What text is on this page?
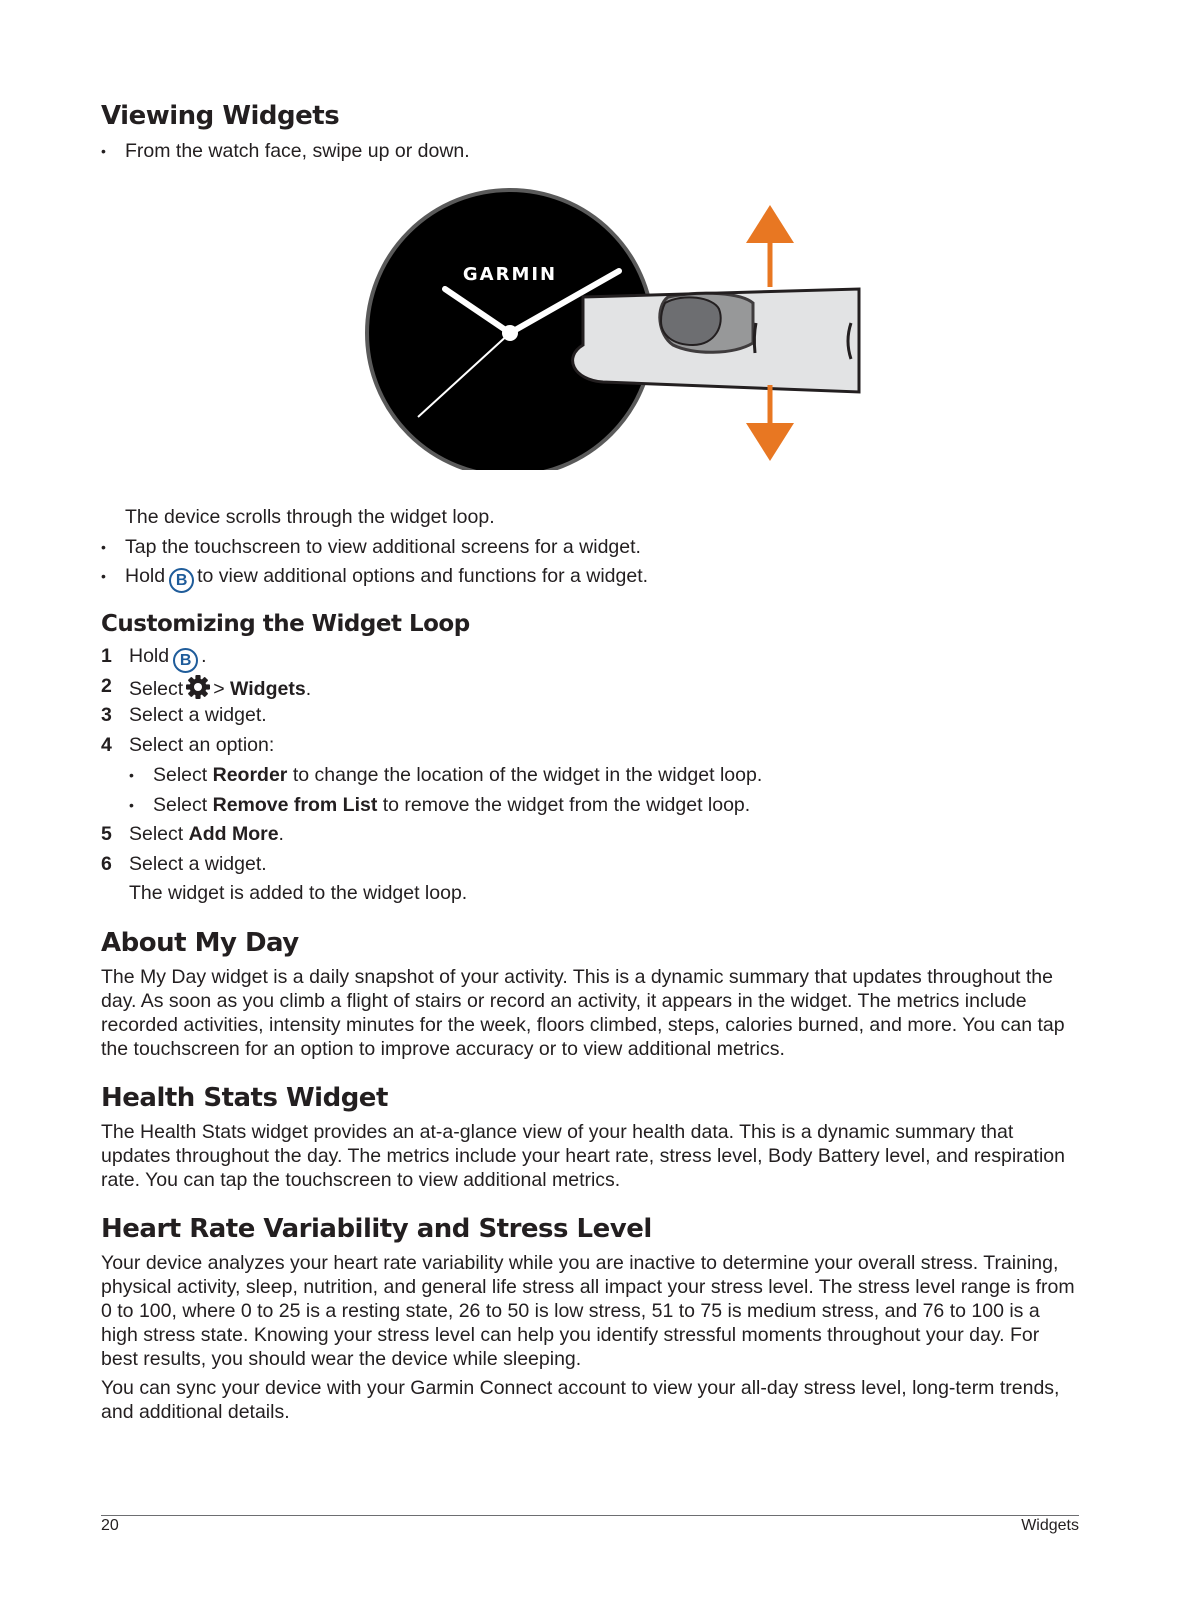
Viewing Widgets
• From the watch face, swipe up or down.
GARMIN
The device scrolls through the widget loop.
• Tap the touchscreen to view additional screens for a widget.
• Hold B to view additional options and functions for a widget.
Customizing the Widget Loop
1 Hold B .
2 Select > Widgets.
3 Select a widget.
4 Select an option:
• Select Reorder to change the location of the widget in the widget loop.
• Select Remove from List to remove the widget from the widget loop.
5 Select Add More.
6 Select a widget.
The widget is added to the widget loop.
About My Day
The My Day widget is a daily snapshot of your activity. This is a dynamic summary that updates throughout the day. As soon as you climb a flight of stairs or record an activity, it appears in the widget. The metrics include recorded activities, intensity minutes for the week, floors climbed, steps, calories burned, and more. You can tap the touchscreen for an option to improve accuracy or to view additional metrics.
Health Stats Widget
The Health Stats widget provides an at-a-glance view of your health data. This is a dynamic summary that updates throughout the day. The metrics include your heart rate, stress level, Body Battery level, and respiration rate. You can tap the touchscreen to view additional metrics.
Heart Rate Variability and Stress Level
Your device analyzes your heart rate variability while you are inactive to determine your overall stress. Training, physical activity, sleep, nutrition, and general life stress all impact your stress level. The stress level range is from 0 to 100, where 0 to 25 is a resting state, 26 to 50 is low stress, 51 to 75 is medium stress, and 76 to 100 is a high stress state. Knowing your stress level can help you identify stressful moments throughout your day. For best results, you should wear the device while sleeping.
You can sync your device with your Garmin Connect account to view your all-day stress level, long-term trends, and additional details.
20	Widgets
